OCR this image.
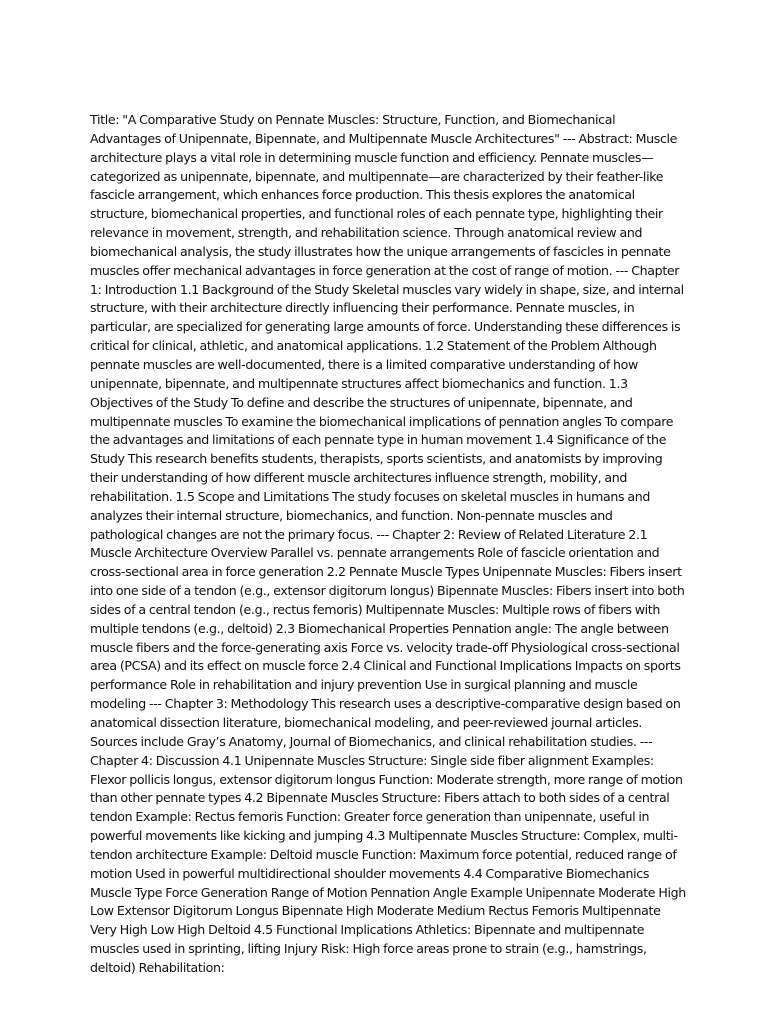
Title: "A Comparative Study on Pennate Muscles: Structure, Function, and Biomechanical Advantages of Unipennate, Bipennate, and Multipennate Muscle Architectures" --- Abstract: Muscle architecture plays a vital role in determining muscle function and efficiency. Pennate muscles—categorized as unipennate, bipennate, and multipennate—are characterized by their feather-like fascicle arrangement, which enhances force production. This thesis explores the anatomical structure, biomechanical properties, and functional roles of each pennate type, highlighting their relevance in movement, strength, and rehabilitation science. Through anatomical review and biomechanical analysis, the study illustrates how the unique arrangements of fascicles in pennate muscles offer mechanical advantages in force generation at the cost of range of motion. --- Chapter 1: Introduction 1.1 Background of the Study Skeletal muscles vary widely in shape, size, and internal structure, with their architecture directly influencing their performance. Pennate muscles, in particular, are specialized for generating large amounts of force. Understanding these differences is critical for clinical, athletic, and anatomical applications. 1.2 Statement of the Problem Although pennate muscles are well-documented, there is a limited comparative understanding of how unipennate, bipennate, and multipennate structures affect biomechanics and function. 1.3 Objectives of the Study To define and describe the structures of unipennate, bipennate, and multipennate muscles To examine the biomechanical implications of pennation angles To compare the advantages and limitations of each pennate type in human movement 1.4 Significance of the Study This research benefits students, therapists, sports scientists, and anatomists by improving their understanding of how different muscle architectures influence strength, mobility, and rehabilitation. 1.5 Scope and Limitations The study focuses on skeletal muscles in humans and analyzes their internal structure, biomechanics, and function. Non-pennate muscles and pathological changes are not the primary focus. --- Chapter 2: Review of Related Literature 2.1 Muscle Architecture Overview Parallel vs. pennate arrangements Role of fascicle orientation and cross-sectional area in force generation 2.2 Pennate Muscle Types Unipennate Muscles: Fibers insert into one side of a tendon (e.g., extensor digitorum longus) Bipennate Muscles: Fibers insert into both sides of a central tendon (e.g., rectus femoris) Multipennate Muscles: Multiple rows of fibers with multiple tendons (e.g., deltoid) 2.3 Biomechanical Properties Pennation angle: The angle between muscle fibers and the force-generating axis Force vs. velocity trade-off Physiological cross-sectional area (PCSA) and its effect on muscle force 2.4 Clinical and Functional Implications Impacts on sports performance Role in rehabilitation and injury prevention Use in surgical planning and muscle modeling --- Chapter 3: Methodology This research uses a descriptive-comparative design based on anatomical dissection literature, biomechanical modeling, and peer-reviewed journal articles. Sources include Gray’s Anatomy, Journal of Biomechanics, and clinical rehabilitation studies. --- Chapter 4: Discussion 4.1 Unipennate Muscles Structure: Single side fiber alignment Examples: Flexor pollicis longus, extensor digitorum longus Function: Moderate strength, more range of motion than other pennate types 4.2 Bipennate Muscles Structure: Fibers attach to both sides of a central tendon Example: Rectus femoris Function: Greater force generation than unipennate, useful in powerful movements like kicking and jumping 4.3 Multipennate Muscles Structure: Complex, multi-tendon architecture Example: Deltoid muscle Function: Maximum force potential, reduced range of motion Used in powerful multidirectional shoulder movements 4.4 Comparative Biomechanics Muscle Type Force Generation Range of Motion Pennation Angle Example Unipennate Moderate High Low Extensor Digitorum Longus Bipennate High Moderate Medium Rectus Femoris Multipennate Very High Low High Deltoid 4.5 Functional Implications Athletics: Bipennate and multipennate muscles used in sprinting, lifting Injury Risk: High force areas prone to strain (e.g., hamstrings, deltoid) Rehabilitation:
